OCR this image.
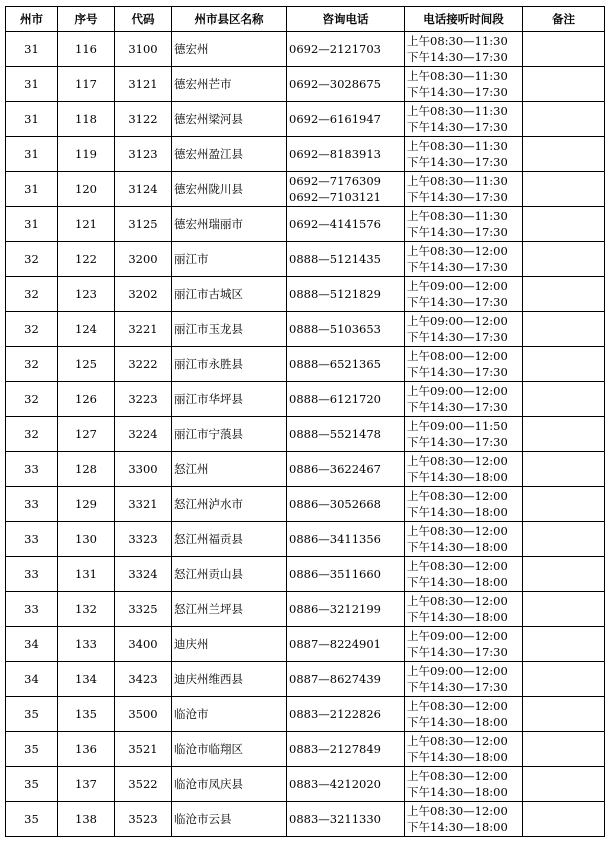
州市	序号	代码	州市县区名称	咨询电话	电话接听时间段	备注
31	116	3100	德宏州	0692—2121703	上午08:30—11:30
下午14:30—17:30	

31	117	3121	德宏州芒市	0692—3028675	上午08:30—11:30
下午14:30—17:30	

31	118	3122	德宏州梁河县	0692—6161947	上午08:30—11:30
下午14:30—17:30	

31	119	3123	德宏州盈江县	0692—8183913	上午08:30—11:30
下午14:30—17:30	

31	120	3124	德宏州陇川县	0692—7176309
0692—7103121	上午08:30—11:30
下午14:30—17:30	

31	121	3125	德宏州瑞丽市	0692—4141576	上午08:30—11:30
下午14:30—17:30	

32	122	3200	丽江市	0888—5121435	上午08:30—12:00
下午14:30—17:30	

32	123	3202	丽江市古城区	0888—5121829	上午09:00—12:00
下午14:30—17:30	

32	124	3221	丽江市玉龙县	0888—5103653	上午09:00—12:00
下午14:30—17:30	

32	125	3222	丽江市永胜县	0888—6521365	上午08:00—12:00
下午14:30—17:30	

32	126	3223	丽江市华坪县	0888—6121720	上午09:00—12:00
下午14:30—17:30	

32	127	3224	丽江市宁蒗县	0888—5521478	上午09:00—11:50
下午14:30—17:30	

33	128	3300	怒江州	0886—3622467	上午08:30—12:00
下午14:30—18:00	

33	129	3321	怒江州泸水市	0886—3052668	上午08:30—12:00
下午14:30—18:00	

33	130	3323	怒江州福贡县	0886—3411356	上午08:30—12:00
下午14:30—18:00	

33	131	3324	怒江州贡山县	0886—3511660	上午08:30—12:00
下午14:30—18:00	

33	132	3325	怒江州兰坪县	0886—3212199	上午08:30—12:00
下午14:30—18:00	

34	133	3400	迪庆州	0887—8224901	上午09:00—12:00
下午14:30—17:30	

34	134	3423	迪庆州维西县	0887—8627439	上午09:00—12:00
下午14:30—17:30	

35	135	3500	临沧市	0883—2122826	上午08:30—12:00
下午14:30—18:00	

35	136	3521	临沧市临翔区	0883—2127849	上午08:30—12:00
下午14:30—18:00	

35	137	3522	临沧市凤庆县	0883—4212020	上午08:30—12:00
下午14:30—18:00	

35	138	3523	临沧市云县	0883—3211330	上午08:30—12:00
下午14:30—18:00	
